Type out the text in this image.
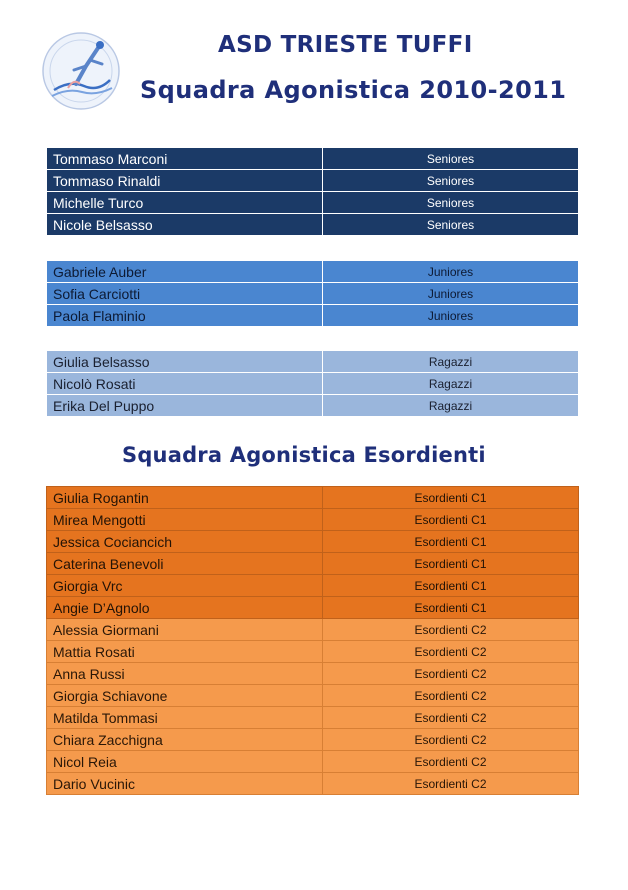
ASD TRIESTE TUFFI
Squadra Agonistica 2010-2011
Tommaso Marconi	Seniores
Tommaso Rinaldi	Seniores
Michelle Turco	Seniores
Nicole Belsasso	Seniores
Gabriele Auber	Juniores
Sofia Carciotti	Juniores
Paola Flaminio	Juniores
Giulia Belsasso	Ragazzi
Nicolò Rosati	Ragazzi
Erika Del Puppo	Ragazzi
Squadra Agonistica Esordienti
Giulia Rogantin	Esordienti C1
Mirea Mengotti	Esordienti C1
Jessica Cociancich	Esordienti C1
Caterina Benevoli	Esordienti C1
Giorgia Vrc	Esordienti C1
Angie D’Agnolo	Esordienti C1
Alessia Giormani	Esordienti C2
Mattia Rosati	Esordienti C2
Anna Russi	Esordienti C2
Giorgia Schiavone	Esordienti C2
Matilda Tommasi	Esordienti C2
Chiara Zacchigna	Esordienti C2
Nicol Reia	Esordienti C2
Dario Vucinic	Esordienti C2
